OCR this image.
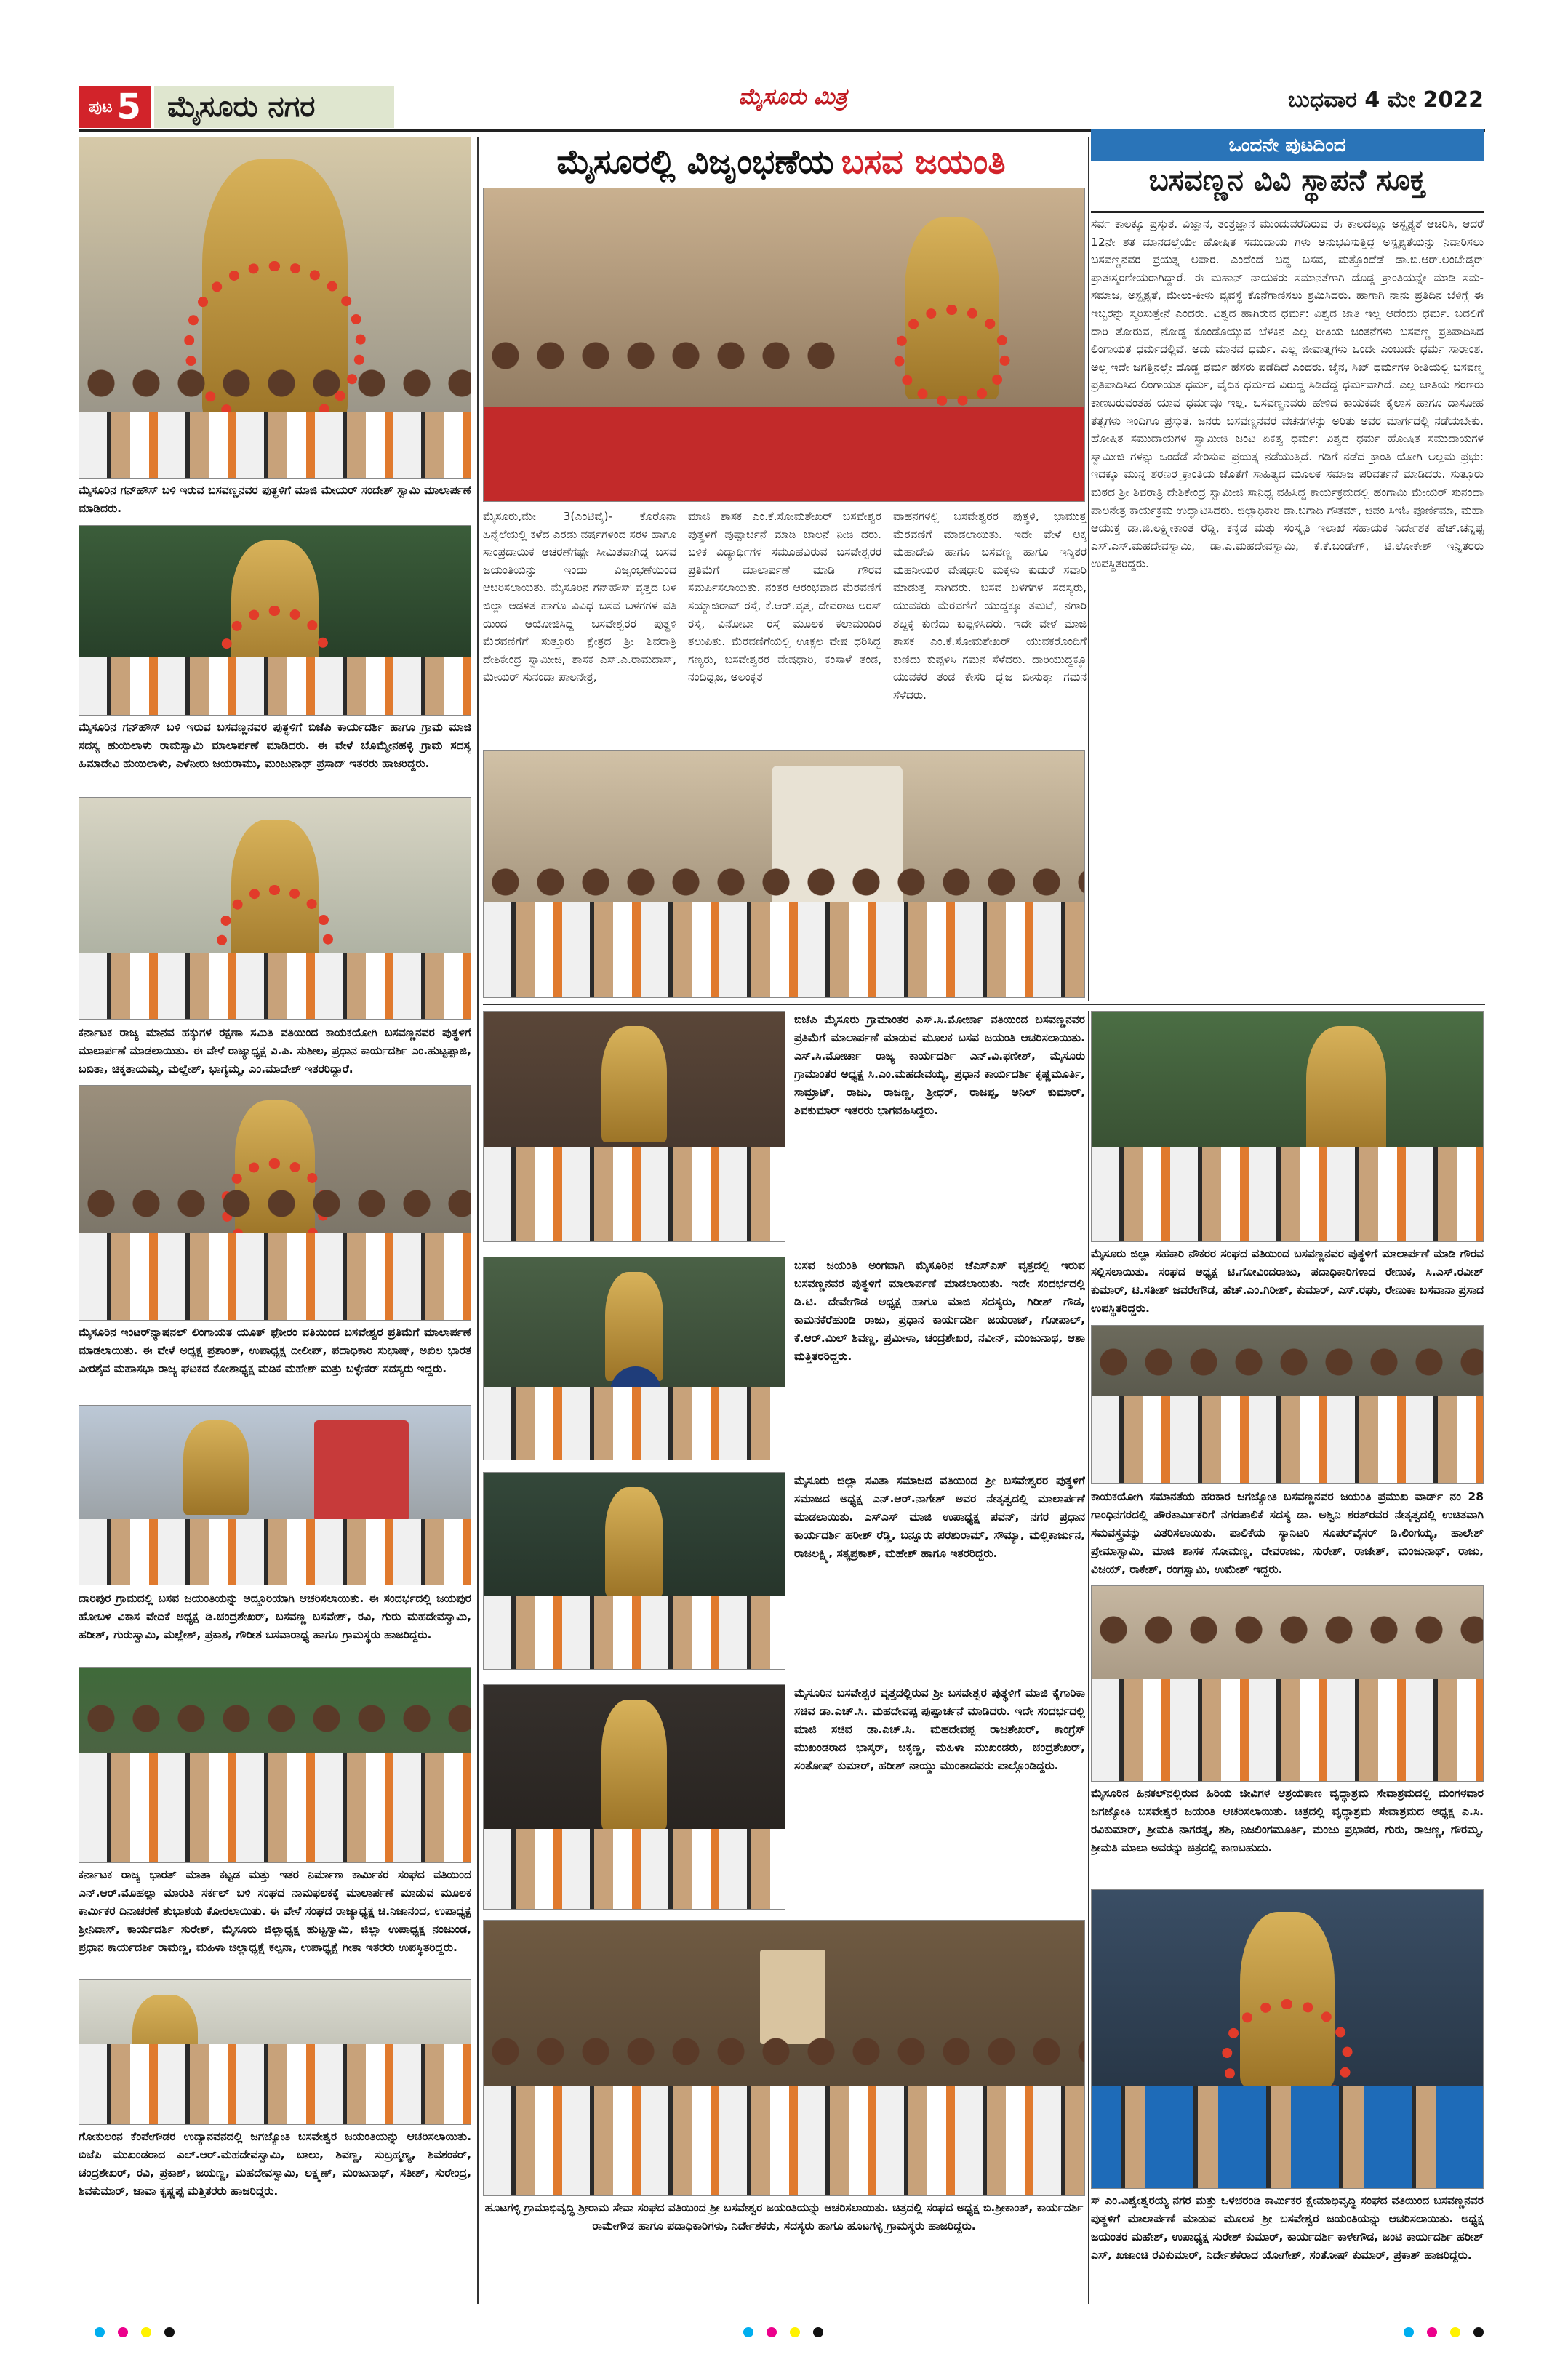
ಪುಟ 5 ಮೈಸೂರು ನಗರ	ಮೈಸೂರು ಮಿತ್ರ	ಬುಧವಾರ 4 ಮೇ 2022
ಮೈಸೂರಿನ ಗನ್‌ಹೌಸ್ ಬಳಿ ಇರುವ ಬಸವಣ್ಣನವರ ಪುತ್ಥಳಿಗೆ ಮಾಜಿ ಮೇಯರ್ ಸಂದೇಶ್ ಸ್ವಾಮಿ ಮಾಲಾರ್ಪಣೆ ಮಾಡಿದರು.
ಮೈಸೂರಿನ ಗನ್‌ಹೌಸ್ ಬಳಿ ಇರುವ ಬಸವಣ್ಣನವರ ಪುತ್ಥಳಿಗೆ ಬಿಜೆಪಿ ಕಾರ್ಯದರ್ಶಿ ಹಾಗೂ ಗ್ರಾಮ ಮಾಜಿ ಸದಸ್ಯ ಹುಯಿಲಾಳು ರಾಮಸ್ವಾಮಿ ಮಾಲಾರ್ಪಣೆ ಮಾಡಿದರು. ಈ ವೇಳೆ ಬೊಮ್ಮೇನಹಳ್ಳಿ ಗ್ರಾಮ ಸದಸ್ಯ ಹಿಮಾದೇವಿ ಹುಯಿಲಾಳು, ಎಳೆನೀರು ಜಯರಾಮು, ಮಂಜುನಾಥ್ ಪ್ರಸಾದ್ ಇತರರು ಹಾಜರಿದ್ದರು.
ಕರ್ನಾಟಕ ರಾಜ್ಯ ಮಾನವ ಹಕ್ಕುಗಳ ರಕ್ಷಣಾ ಸಮಿತಿ ವತಿಯಿಂದ ಕಾಯಕಯೋಗಿ ಬಸವಣ್ಣನವರ ಪುತ್ಥಳಿಗೆ ಮಾಲಾರ್ಪಣೆ ಮಾಡಲಾಯಿತು. ಈ ವೇಳೆ ರಾಜ್ಯಾಧ್ಯಕ್ಷ ವಿ.ಪಿ. ಸುಶೀಲ, ಪ್ರಧಾನ ಕಾರ್ಯದರ್ಶಿ ಎಂ.ಹುಟ್ಟಪ್ಪಾಜಿ, ಬಬಿತಾ, ಚಿಕ್ಕತಾಯಮ್ಮ, ಮಲ್ಲೇಶ್, ಭಾಗ್ಯಮ್ಮ, ಎಂ.ಮಾದೇಶ್ ಇತರರಿದ್ದಾರೆ.
ಮೈಸೂರಿನ ಇಂಟರ್‌ನ್ಯಾಷನಲ್ ಲಿಂಗಾಯತ ಯೂತ್ ಫೋರಂ ವತಿಯಿಂದ ಬಸವೇಶ್ವರ ಪ್ರತಿಮೆಗೆ ಮಾಲಾರ್ಪಣೆ ಮಾಡಲಾಯಿತು. ಈ ವೇಳೆ ಅಧ್ಯಕ್ಷ ಪ್ರಶಾಂತ್, ಉಪಾಧ್ಯಕ್ಷ ದೀಲೀಪ್, ಪದಾಧಿಕಾರಿ ಸುಭಾಷ್, ಅಖಿಲ ಭಾರತ ವೀರಶೈವ ಮಹಾಸಭಾ ರಾಜ್ಯ ಘಟಕದ ಕೋಶಾಧ್ಯಕ್ಷ ಮಡಿಕ ಮಹೇಶ್ ಮತ್ತು ಬಳ್ಳೇಕರ್ ಸದಸ್ಯರು ಇದ್ದರು.
ದಾರಿಪುರ ಗ್ರಾಮದಲ್ಲಿ ಬಸವ ಜಯಂತಿಯನ್ನು ಅದ್ದೂರಿಯಾಗಿ ಆಚರಿಸಲಾಯಿತು. ಈ ಸಂದರ್ಭದಲ್ಲಿ ಜಯಪುರ ಹೋಬಳಿ ವಿಕಾಸ ವೇದಿಕೆ ಅಧ್ಯಕ್ಷ ಡಿ.ಚಂದ್ರಶೇಖರ್, ಬಸವಣ್ಣ ಬಸವೇಶ್, ರವಿ, ಗುರು ಮಹದೇವಸ್ವಾಮಿ, ಹರೀಶ್, ಗುರುಸ್ವಾಮಿ, ಮಲ್ಲೇಶ್, ಪ್ರಕಾಶ, ಗೌರೀಶ ಬಸವಾರಾಧ್ಯ ಹಾಗೂ ಗ್ರಾಮಸ್ಥರು ಹಾಜರಿದ್ದರು.
ಕರ್ನಾಟಕ ರಾಜ್ಯ ಭಾರತ್ ಮಾತಾ ಕಟ್ಟಡ ಮತ್ತು ಇತರ ನಿರ್ಮಾಣ ಕಾರ್ಮಿಕರ ಸಂಘದ ವತಿಯಿಂದ ಎನ್.ಆರ್.ಮೊಹಲ್ಲಾ ಮಾರುತಿ ಸರ್ಕಲ್ ಬಳಿ ಸಂಘದ ನಾಮಫಲಕಕ್ಕೆ ಮಾಲಾರ್ಪಣೆ ಮಾಡುವ ಮೂಲಕ ಕಾರ್ಮಿಕರ ದಿನಾಚರಣೆ ಶುಭಾಶಯ ಕೋರಲಾಯಿತು. ಈ ವೇಳೆ ಸಂಘದ ರಾಜ್ಯಾಧ್ಯಕ್ಷ ಚಿ.ನಿಜಾನಂದ, ಉಪಾಧ್ಯಕ್ಷ ಶ್ರೀನಿವಾಸ್, ಕಾರ್ಯದರ್ಶಿ ಸುರೇಶ್, ಮೈಸೂರು ಜಿಲ್ಲಾಧ್ಯಕ್ಷ ಹುಟ್ಟಸ್ವಾಮಿ, ಜಿಲ್ಲಾ ಉಪಾಧ್ಯಕ್ಷ ನಂಜುಂಡ, ಪ್ರಧಾನ ಕಾರ್ಯದರ್ಶಿ ರಾಮಣ್ಣ, ಮಹಿಳಾ ಜಿಲ್ಲಾಧ್ಯಕ್ಷೆ ಕಲ್ಪನಾ, ಉಪಾಧ್ಯಕ್ಷೆ ಗೀತಾ ಇತರರು ಉಪಸ್ಥಿತರಿದ್ದರು.
ಗೋಕುಲಂನ ಕೆಂಪೇಗೌಡರ ಉದ್ಯಾನವನದಲ್ಲಿ ಜಗಜ್ಯೋತಿ ಬಸವೇಶ್ವರ ಜಯಂತಿಯನ್ನು ಆಚರಿಸಲಾಯಿತು. ಬಿಜೆಪಿ ಮುಖಂಡರಾದ ಎಲ್.ಆರ್.ಮಹದೇವಸ್ವಾಮಿ, ಬಾಲು, ಶಿವಣ್ಣ, ಸುಬ್ರಹ್ಮಣ್ಯ, ಶಿವಶಂಕರ್, ಚಂದ್ರಶೇಖರ್, ರವಿ, ಪ್ರಕಾಶ್, ಜಯಣ್ಣ, ಮಹದೇವಸ್ವಾಮಿ, ಲಕ್ಷ್ಮಣ್, ಮಂಜುನಾಥ್, ಸತೀಶ್, ಸುರೇಂದ್ರ, ಶಿವಕುಮಾರ್, ಜಾವಾ ಕೃಷ್ಣಪ್ಪ ಮತ್ತಿತರರು ಹಾಜರಿದ್ದರು.
ಮೈಸೂರಲ್ಲಿ ವಿಜೃಂಭಣೆಯ ಬಸವ ಜಯಂತಿ
ಮೈಸೂರು,ಮೇ 3(ಎಂಟಿವೈ)- ಕೊರೊನಾ ಹಿನ್ನೆಲೆಯಲ್ಲಿ ಕಳೆದ ಎರಡು ವರ್ಷಗಳಿಂದ ಸರಳ ಹಾಗೂ ಸಾಂಪ್ರದಾಯಿಕ ಆಚರಣೆಗಷ್ಟೇ ಸೀಮಿತವಾಗಿದ್ದ ಬಸವ ಜಯಂತಿಯನ್ನು ಇಂದು ವಿಜೃಂಭಣೆಯಿಂದ ಆಚರಿಸಲಾಯಿತು. ಮೈಸೂರಿನ ಗನ್‌ಹೌಸ್ ವೃತ್ತದ ಬಳಿ ಜಿಲ್ಲಾ ಆಡಳಿತ ಹಾಗೂ ವಿವಿಧ ಬಸವ ಬಳಗಗಳ ವತಿ ಯಿಂದ ಆಯೋಜಿಸಿದ್ದ ಬಸವೇಶ್ವರರ ಪುತ್ಥಳಿ ಮೆರವಣಿಗೆಗೆ ಸುತ್ತೂರು ಕ್ಷೇತ್ರದ ಶ್ರೀ ಶಿವರಾತ್ರಿ ದೇಶಿಕೇಂದ್ರ ಸ್ವಾಮೀಜಿ, ಶಾಸಕ ಎಸ್.ಎ.ರಾಮದಾಸ್, ಮೇಯರ್ ಸುನಂದಾ ಪಾಲನೇತ್ರ,
ಮಾಜಿ ಶಾಸಕ ಎಂ.ಕೆ.ಸೋಮಶೇಖರ್ ಬಸವೇಶ್ವರ ಪುತ್ಥಳಿಗೆ ಪುಷ್ಪಾರ್ಚನೆ ಮಾಡಿ ಚಾಲನೆ ನೀಡಿ ದರು. ಬಳಿಕ ವಿದ್ಯಾರ್ಥಿಗಳ ಸಮೂಹವಿರುವ ಬಸವೇಶ್ವರರ ಪ್ರತಿಮೆಗೆ ಮಾಲಾರ್ಪಣೆ ಮಾಡಿ ಗೌರವ ಸಮರ್ಪಿಸಲಾಯಿತು. ನಂತರ ಆರಂಭವಾದ ಮೆರವಣಿಗೆ ಸಯ್ಯಾಜಿರಾವ್ ರಸ್ತೆ, ಕೆ.ಆರ್.ವೃತ್ತ, ದೇವರಾಜ ಅರಸ್ ರಸ್ತೆ, ವಿನೋಬಾ ರಸ್ತೆ ಮೂಲಕ ಕಲಾಮಂದಿರ ತಲುಪಿತು. ಮೆರವಣಿಗೆಯಲ್ಲಿ ಊಕ್ಸಲ ವೇಷ ಧರಿಸಿದ್ದ ಗಣ್ಯರು, ಬಸವೇಶ್ವರರ ವೇಷಧಾರಿ, ಕಂಸಾಳೆ ತಂಡ, ನಂದಿಧ್ವಜ, ಅಲಂಕೃತ
ವಾಹನಗಳಲ್ಲಿ ಬಸವೇಶ್ವರರ ಪುತ್ಥಳಿ, ಭಾಮುತ್ತ ಮೆರವಣಿಗೆ ಮಾಡಲಾಯಿತು. ಇದೇ ವೇಳೆ ಅಕ್ಕ ಮಹಾದೇವಿ ಹಾಗೂ ಬಸವಣ್ಣ ಹಾಗೂ ಇನ್ನಿತರ ಮಹನೀಯರ ವೇಷಧಾರಿ ಮಕ್ಕಳು ಕುದುರೆ ಸವಾರಿ ಮಾಡುತ್ತ ಸಾಗಿದರು. ಬಸವ ಬಳಗಗಳ ಸದಸ್ಯರು, ಯುವಕರು ಮೆರವಣಿಗೆ ಯುದ್ದಕ್ಕೂ ತಮಟೆ, ನಗಾರಿ ಶಬ್ದಕ್ಕೆ ಕುಣಿದು ಕುಪ್ಪಳಿಸಿದರು. ಇದೇ ವೇಳೆ ಮಾಜಿ ಶಾಸಕ ಎಂ.ಕೆ.ಸೋಮಶೇಖರ್ ಯುವಕರೊಂದಿಗೆ ಕುಣಿದು ಕುಪ್ಪಳಿಸಿ ಗಮನ ಸೆಳೆದರು. ದಾರಿಯುದ್ದಕ್ಕೂ ಯುವಕರ ತಂಡ ಕೇಸರಿ ಧ್ವಜ ಬೀಸುತ್ತಾ ಗಮನ ಸೆಳೆದರು.
ಒಂದನೇ ಪುಟದಿಂದ
ಬಸವಣ್ಣನ ವಿವಿ ಸ್ಥಾಪನೆ ಸೂಕ್ತ
ಸರ್ವ ಕಾಲಕ್ಕೂ ಪ್ರಸ್ತುತ. ವಿಜ್ಞಾನ, ತಂತ್ರಜ್ಞಾನ ಮುಂದುವರೆದಿರುವ ಈ ಕಾಲದಲ್ಲೂ ಅಸ್ಪೃಶ್ಯತೆ ಆಚರಿಸಿ, ಆದರೆ 12ನೇ ಶತ ಮಾನದಲ್ಲೆಯೇ ಹೋಷಿತ ಸಮುದಾಯ ಗಳು ಅನುಭವಿಸುತ್ತಿದ್ದ ಅಸ್ಪೃಶ್ಯತೆಯನ್ನು ನಿವಾರಿಸಲು ಬಸವಣ್ಣನವರ ಪ್ರಯತ್ನ ಅಪಾರ. ಎಂದೆಂದೆ ಬದ್ಧ ಬಸವ, ಮತ್ತೊಂದೆಡೆ ಡಾ.ಬಿ.ಆರ್.ಅಂಬೇಡ್ಕರ್ ಪ್ರಾತಃಸ್ಮರಣೀಯರಾಗಿದ್ದಾರೆ. ಈ ಮಹಾನ್ ನಾಯಕರು ಸಮಾನತೆಗಾಗಿ ದೊಡ್ಡ ಕ್ರಾಂತಿಯನ್ನೇ ಮಾಡಿ ಸಮ-ಸಮಾಜ, ಅಸ್ಪೃಶ್ಯತೆ, ಮೇಲು-ಕೀಳು ವ್ಯವಸ್ಥೆ ಕೊನೆಗಾಣಿಸಲು ಶ್ರಮಿಸಿದರು. ಹಾಗಾಗಿ ನಾನು ಪ್ರತಿದಿನ ಬೆಳಿಗ್ಗೆ ಈ ಇಬ್ಬರನ್ನು ಸ್ಮರಿಸುತ್ತೇನೆ ಎಂದರು. ವಿಶ್ವದ ಹಾಗಿರುವ ಧರ್ಮ: ವಿಶ್ವದ ಜಾತಿ ಇಲ್ಲ ಆದೆಂದು ಧರ್ಮ. ಬದಲಿಗೆ ದಾರಿ ತೋರುವ, ನೋಡ್ದ ಕೊಂಡೊಯ್ಯುವ ಬೆಳಕಿನ ಎಲ್ಲ ರೀತಿಯ ಚಿಂತನೆಗಳು ಬಸವಣ್ಣ ಪ್ರತಿಪಾದಿಸಿದ ಲಿಂಗಾಯತ ಧರ್ಮದಲ್ಲಿವೆ. ಅದು ಮಾನವ ಧರ್ಮ. ಎಲ್ಲ ಜೀವಾತ್ಮಗಳು ಒಂದೇ ಎಂಬುದೇ ಧರ್ಮ ಸಾರಾಂಶ. ಅಲ್ಲ ಇದೇ ಜಗತ್ತಿನಲ್ಲೇ ದೊಡ್ಡ ಧರ್ಮ ಹೆಸರು ಪಡೆದಿದೆ ಎಂದರು. ಜೈನ, ಸಿಖ್ ಧರ್ಮಗಳ ರೀತಿಯಲ್ಲಿ ಬಸವಣ್ಣ ಪ್ರತಿಪಾದಿಸಿದ ಲಿಂಗಾಯತ ಧರ್ಮ, ವೈದಿಕ ಧರ್ಮದ ವಿರುದ್ಧ ಸಿಡಿದೆದ್ದ ಧರ್ಮವಾಗಿದೆ. ಎಲ್ಲ ಜಾತಿಯ ಶರಣರು ಕಾಣಬರುವಂತಹ ಯಾವ ಧರ್ಮವೂ ಇಲ್ಲ. ಬಸವಣ್ಣನವರು ಹೇಳಿದ ಕಾಯಕವೇ ಕೈಲಾಸ ಹಾಗೂ ದಾಸೋಹ ತತ್ವಗಳು ಇಂದಿಗೂ ಪ್ರಸ್ತುತ. ಜನರು ಬಸವಣ್ಣನವರ ವಚನಗಳನ್ನು ಅರಿತು ಅವರ ಮಾರ್ಗದಲ್ಲಿ ನಡೆಯಬೇಕು. ಹೋಷಿತ ಸಮುದಾಯಗಳ ಸ್ವಾಮೀಜಿ ಜಂಟಿ ಏಕತ್ವ ಧರ್ಮ: ವಿಶ್ವದ ಧರ್ಮ ಹೋಷಿತ ಸಮುದಾಯಗಳ ಸ್ವಾಮೀಜಿ ಗಳನ್ನು ಒಂದೆಡೆ ಸೇರಿಸುವ ಪ್ರಯತ್ನ ನಡೆಯುತ್ತಿದೆ. ಗಡಿಗೆ ನಡೆದ ಕ್ರಾಂತಿ ಯೋಗಿ ಅಲ್ಲಮ ಪ್ರಭು: ಇದಕ್ಕೂ ಮುನ್ನ ಶರಣರ ಕ್ರಾಂತಿಯ ಜೊತೆಗೆ ಸಾಹಿತ್ಯದ ಮೂಲಕ ಸಮಾಜ ಪರಿವರ್ತನೆ ಮಾಡಿದರು. ಸುತ್ತೂರು ಮಠದ ಶ್ರೀ ಶಿವರಾತ್ರಿ ದೇಶಿಕೇಂದ್ರ ಸ್ವಾಮೀಜಿ ಸಾನಿಧ್ಯ ವಹಿಸಿದ್ದ ಕಾರ್ಯಕ್ರಮದಲ್ಲಿ ಹಂಗಾಮಿ ಮೇಯರ್ ಸುನಂದಾ ಪಾಲನೇತ್ರ ಕಾರ್ಯಕ್ರಮ ಉದ್ಘಾಟಿಸಿದರು. ಜಿಲ್ಲಾಧಿಕಾರಿ ಡಾ.ಬಗಾದಿ ಗೌತಮ್, ಜಿಪಂ ಸಿಇಓ ಪೂರ್ಣಿಮಾ, ಮಹಾ ಆಯುಕ್ತ ಡಾ.ಜಿ.ಲಕ್ಷ್ಮೀಕಾಂತ ರೆಡ್ಡಿ, ಕನ್ನಡ ಮತ್ತು ಸಂಸ್ಕೃತಿ ಇಲಾಖೆ ಸಹಾಯಕ ನಿರ್ದೇಶಕ ಹೆಚ್.ಚನ್ನಪ್ಪ ಎಸ್.ಎಸ್.ಮಹದೇವಸ್ವಾಮಿ, ಡಾ.ಎ.ಮಹದೇವಸ್ವಾಮಿ, ಕೆ.ಕೆ.ಬಂಡೇಗ್, ಟಿ.ಲೋಕೇಶ್ ಇನ್ನಿತರರು ಉಪಸ್ಥಿತರಿದ್ದರು.
ಬಿಜೆಪಿ ಮೈಸೂರು ಗ್ರಾಮಾಂತರ ಎಸ್.ಸಿ.ಮೋರ್ಚಾ ವತಿಯಿಂದ ಬಸವಣ್ಣನವರ ಪ್ರತಿಮೆಗೆ ಮಾಲಾರ್ಪಣೆ ಮಾಡುವ ಮೂಲಕ ಬಸವ ಜಯಂತಿ ಆಚರಿಸಲಾಯಿತು. ಎಸ್.ಸಿ.ಮೋರ್ಚಾ ರಾಜ್ಯ ಕಾರ್ಯದರ್ಶಿ ಎನ್.ವಿ.ಫಣೀಶ್, ಮೈಸೂರು ಗ್ರಾಮಾಂತರ ಅಧ್ಯಕ್ಷ ಸಿ.ಎಂ.ಮಹದೇವಯ್ಯ, ಪ್ರಧಾನ ಕಾರ್ಯದರ್ಶಿ ಕೃಷ್ಣಮೂರ್ತಿ, ಸಾಮ್ರಾಟ್, ರಾಜು, ರಾಜಣ್ಣ, ಶ್ರೀಧರ್, ರಾಜಪ್ಪ, ಅನಿಲ್ ಕುಮಾರ್, ಶಿವಕುಮಾರ್ ಇತರರು ಭಾಗವಹಿಸಿದ್ದರು.
ಬಸವ ಜಯಂತಿ ಅಂಗವಾಗಿ ಮೈಸೂರಿನ ಜೆಎಸ್‌ಎಸ್ ವೃತ್ತದಲ್ಲಿ ಇರುವ ಬಸವಣ್ಣನವರ ಪುತ್ಥಳಿಗೆ ಮಾಲಾರ್ಪಣೆ ಮಾಡಲಾಯಿತು. ಇದೇ ಸಂದರ್ಭದಲ್ಲಿ ಡಿ.ಟಿ. ದೇವೇಗೌಡ ಅಧ್ಯಕ್ಷ ಹಾಗೂ ಮಾಜಿ ಸದಸ್ಯರು, ಗಿರೀಶ್ ಗೌಡ, ಕಾಮನಕೆರೆಹುಂಡಿ ರಾಜು, ಪ್ರಧಾನ ಕಾರ್ಯದರ್ಶಿ ಜಯರಾಜ್, ಗೋಪಾಲ್, ಕೆ.ಆರ್.ಮಿಲ್ ಶಿವಣ್ಣ, ಪ್ರಮೀಳಾ, ಚಂದ್ರಶೇಖರ, ನವೀನ್, ಮಂಜುನಾಥ, ಆಶಾ ಮತ್ತಿತರರಿದ್ದರು.
ಮೈಸೂರು ಜಿಲ್ಲಾ ಸವಿತಾ ಸಮಾಜದ ವತಿಯಿಂದ ಶ್ರೀ ಬಸವೇಶ್ವರರ ಪುತ್ಥಳಿಗೆ ಸಮಾಜದ ಅಧ್ಯಕ್ಷ ಎನ್.ಆರ್.ನಾಗೇಶ್ ಅವರ ನೇತೃತ್ವದಲ್ಲಿ ಮಾಲಾರ್ಪಣೆ ಮಾಡಲಾಯಿತು. ಎಸ್‌ಎಸ್ ಮಾಜಿ ಉಪಾಧ್ಯಕ್ಷ ಪವನ್, ನಗರ ಪ್ರಧಾನ ಕಾರ್ಯದರ್ಶಿ ಹರೀಶ್ ರೆಡ್ಡಿ, ಬನ್ನೂರು ಪರಶುರಾಮ್, ಸೌಮ್ಯಾ, ಮಲ್ಲಿಕಾರ್ಜುನ, ರಾಜಲಕ್ಷ್ಮಿ, ಸತ್ಯಪ್ರಕಾಶ್, ಮಹೇಶ್ ಹಾಗೂ ಇತರರಿದ್ದರು.
ಮೈಸೂರಿನ ಬಸವೇಶ್ವರ ವೃತ್ತದಲ್ಲಿರುವ ಶ್ರೀ ಬಸವೇಶ್ವರ ಪುತ್ಥಳಿಗೆ ಮಾಜಿ ಕೈಗಾರಿಕಾ ಸಚಿವ ಡಾ.ಎಚ್.ಸಿ. ಮಹದೇವಪ್ಪ ಪುಷ್ಪಾರ್ಚನೆ ಮಾಡಿದರು. ಇದೇ ಸಂದರ್ಭದಲ್ಲಿ ಮಾಜಿ ಸಚಿವ ಡಾ.ಎಚ್.ಸಿ. ಮಹದೇವಪ್ಪ ರಾಜಶೇಖರ್, ಕಾಂಗ್ರೆಸ್ ಮುಖಂಡರಾದ ಭಾಸ್ಕರ್, ಚಿಕ್ಕಣ್ಣ, ಮಹಿಳಾ ಮುಖಂಡರು, ಚಂದ್ರಶೇಖರ್, ಸಂತೋಷ್ ಕುಮಾರ್, ಹರೀಶ್ ನಾಯ್ಡು ಮುಂತಾದವರು ಪಾಲ್ಗೊಂಡಿದ್ದರು.
ಹೂಟಗಳ್ಳಿ ಗ್ರಾಮಾಭಿವೃದ್ಧಿ ಶ್ರೀರಾಮ ಸೇವಾ ಸಂಘದ ವತಿಯಿಂದ ಶ್ರೀ ಬಸವೇಶ್ವರ ಜಯಂತಿಯನ್ನು ಆಚರಿಸಲಾಯಿತು. ಚಿತ್ರದಲ್ಲಿ ಸಂಘದ ಅಧ್ಯಕ್ಷ ಬಿ.ಶ್ರೀಕಾಂತ್, ಕಾರ್ಯದರ್ಶಿ ರಾಮೇಗೌಡ ಹಾಗೂ ಪದಾಧಿಕಾರಿಗಳು, ನಿರ್ದೇಶಕರು, ಸದಸ್ಯರು ಹಾಗೂ ಹೂಟಗಳ್ಳಿ ಗ್ರಾಮಸ್ಥರು ಹಾಜರಿದ್ದರು.
ಮೈಸೂರು ಜಿಲ್ಲಾ ಸಹಕಾರಿ ನೌಕರರ ಸಂಘದ ವತಿಯಿಂದ ಬಸವಣ್ಣನವರ ಪುತ್ಥಳಿಗೆ ಮಾಲಾರ್ಪಣೆ ಮಾಡಿ ಗೌರವ ಸಲ್ಲಿಸಲಾಯಿತು. ಸಂಘದ ಅಧ್ಯಕ್ಷ ಟಿ.ಗೋವಿಂದರಾಜು, ಪದಾಧಿಕಾರಿಗಳಾದ ರೇಣುಕ, ಸಿ.ಎಸ್.ರವೀಶ್ ಕುಮಾರ್, ಟಿ.ಸತೀಶ್ ಜವರೇಗೌಡ, ಹೆಚ್.ಎಂ.ಗಿರೀಶ್, ಕುಮಾರ್, ಎಸ್.ರಘು, ರೇಣುಕಾ ಬಸವಾನಾ ಪ್ರಸಾದ ಉಪಸ್ಥಿತರಿದ್ದರು.
ಕಾಯಕಯೋಗಿ ಸಮಾನತೆಯ ಹರಿಕಾರ ಜಗಜ್ಯೋತಿ ಬಸವಣ್ಣನವರ ಜಯಂತಿ ಪ್ರಮುಖ ವಾರ್ಡ್ ನಂ 28 ಗಾಂಧಿನಗರದಲ್ಲಿ ಪೌರಕಾರ್ಮಿಕರಿಗೆ ನಗರಪಾಲಿಕೆ ಸದಸ್ಯ ಡಾ. ಅಶ್ವಿನಿ ಶರತ್‌ರವರ ನೇತೃತ್ವದಲ್ಲಿ ಉಚಿತವಾಗಿ ಸಮವಸ್ತ್ರವನ್ನು ವಿತರಿಸಲಾಯಿತು. ಪಾಲಿಕೆಯ ಸ್ಯಾನಿಟರಿ ಸೂಪರ್‌ವೈಸರ್ ಡಿ.ಲಿಂಗಯ್ಯ, ಹಾಲೇಶ್ ಪ್ರೇಮಾಸ್ವಾಮಿ, ಮಾಜಿ ಶಾಸಕ ಸೋಮಣ್ಣ, ದೇವರಾಜು, ಸುರೇಶ್, ರಾಜೇಶ್, ಮಂಜುನಾಥ್, ರಾಜು, ವಿಜಯ್, ರಾಕೇಶ್, ರಂಗಸ್ವಾಮಿ, ಉಮೇಶ್ ಇದ್ದರು.
ಮೈಸೂರಿನ ಹಿನಕಲ್‌ನಲ್ಲಿರುವ ಹಿರಿಯ ಜೀವಿಗಳ ಆಶ್ರಯತಾಣ ವೃದ್ಧಾಶ್ರಮ ಸೇವಾಶ್ರಮದಲ್ಲಿ ಮಂಗಳವಾರ ಜಗಜ್ಯೋತಿ ಬಸವೇಶ್ವರ ಜಯಂತಿ ಆಚರಿಸಲಾಯಿತು. ಚಿತ್ರದಲ್ಲಿ ವೃದ್ಧಾಶ್ರಮ ಸೇವಾಶ್ರಮದ ಅಧ್ಯಕ್ಷ ಎ.ಸಿ. ರವಿಕುಮಾರ್, ಶ್ರೀಮತಿ ನಾಗರತ್ನ, ಶಶಿ, ನಿಜಲಿಂಗಮೂರ್ತಿ, ಮಂಜು ಪ್ರಭಾಕರ, ಗುರು, ರಾಜಣ್ಣ, ಗೌರಮ್ಮ, ಶ್ರೀಮತಿ ಮಾಲಾ ಅವರನ್ನು ಚಿತ್ರದಲ್ಲಿ ಕಾಣಬಹುದು.
ಸ್ ಎಂ.ವಿಶ್ವೇಶ್ವರಯ್ಯ ನಗರ ಮತ್ತು ಒಳಚರಂಡಿ ಕಾರ್ಮಿಕರ ಕ್ಷೇಮಾಭಿವೃದ್ಧಿ ಸಂಘದ ವತಿಯಿಂದ ಬಸವಣ್ಣನವರ ಪುತ್ಥಳಿಗೆ ಮಾಲಾರ್ಪಣೆ ಮಾಡುವ ಮೂಲಕ ಶ್ರೀ ಬಸವೇಶ್ವರ ಜಯಂತಿಯನ್ನು ಆಚರಿಸಲಾಯಿತು. ಅಧ್ಯಕ್ಷ ಜಯಂತರ ಮಹೇಶ್, ಉಪಾಧ್ಯಕ್ಷ ಸುರೇಶ್ ಕುಮಾರ್, ಕಾರ್ಯದರ್ಶಿ ಕಾಳೇಗೌಡ, ಜಂಟಿ ಕಾರ್ಯದರ್ಶಿ ಹರೀಶ್ ಎಸ್, ಖಜಾಂಚಿ ರವಿಕುಮಾರ್, ನಿರ್ದೇಶಕರಾದ ಯೋಗೇಶ್, ಸಂತೋಷ್ ಕುಮಾರ್, ಪ್ರಕಾಶ್ ಹಾಜರಿದ್ದರು.
